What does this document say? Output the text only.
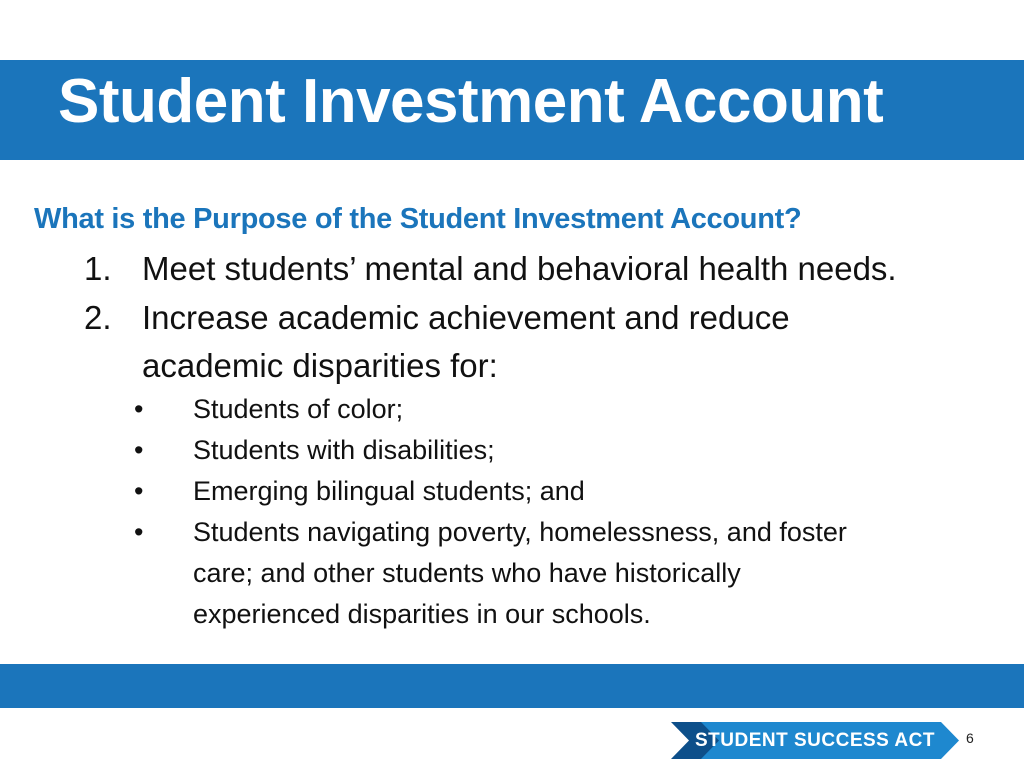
Student Investment Account
What is the Purpose of the Student Investment Account?
1. Meet students’ mental and behavioral health needs.
2. Increase academic achievement and reduce
academic disparities for:
• Students of color;
• Students with disabilities;
• Emerging bilingual students; and
• Students navigating poverty, homelessness, and foster
care; and other students who have historically
experienced disparities in our schools.
STUDENT SUCCESS ACT	6
